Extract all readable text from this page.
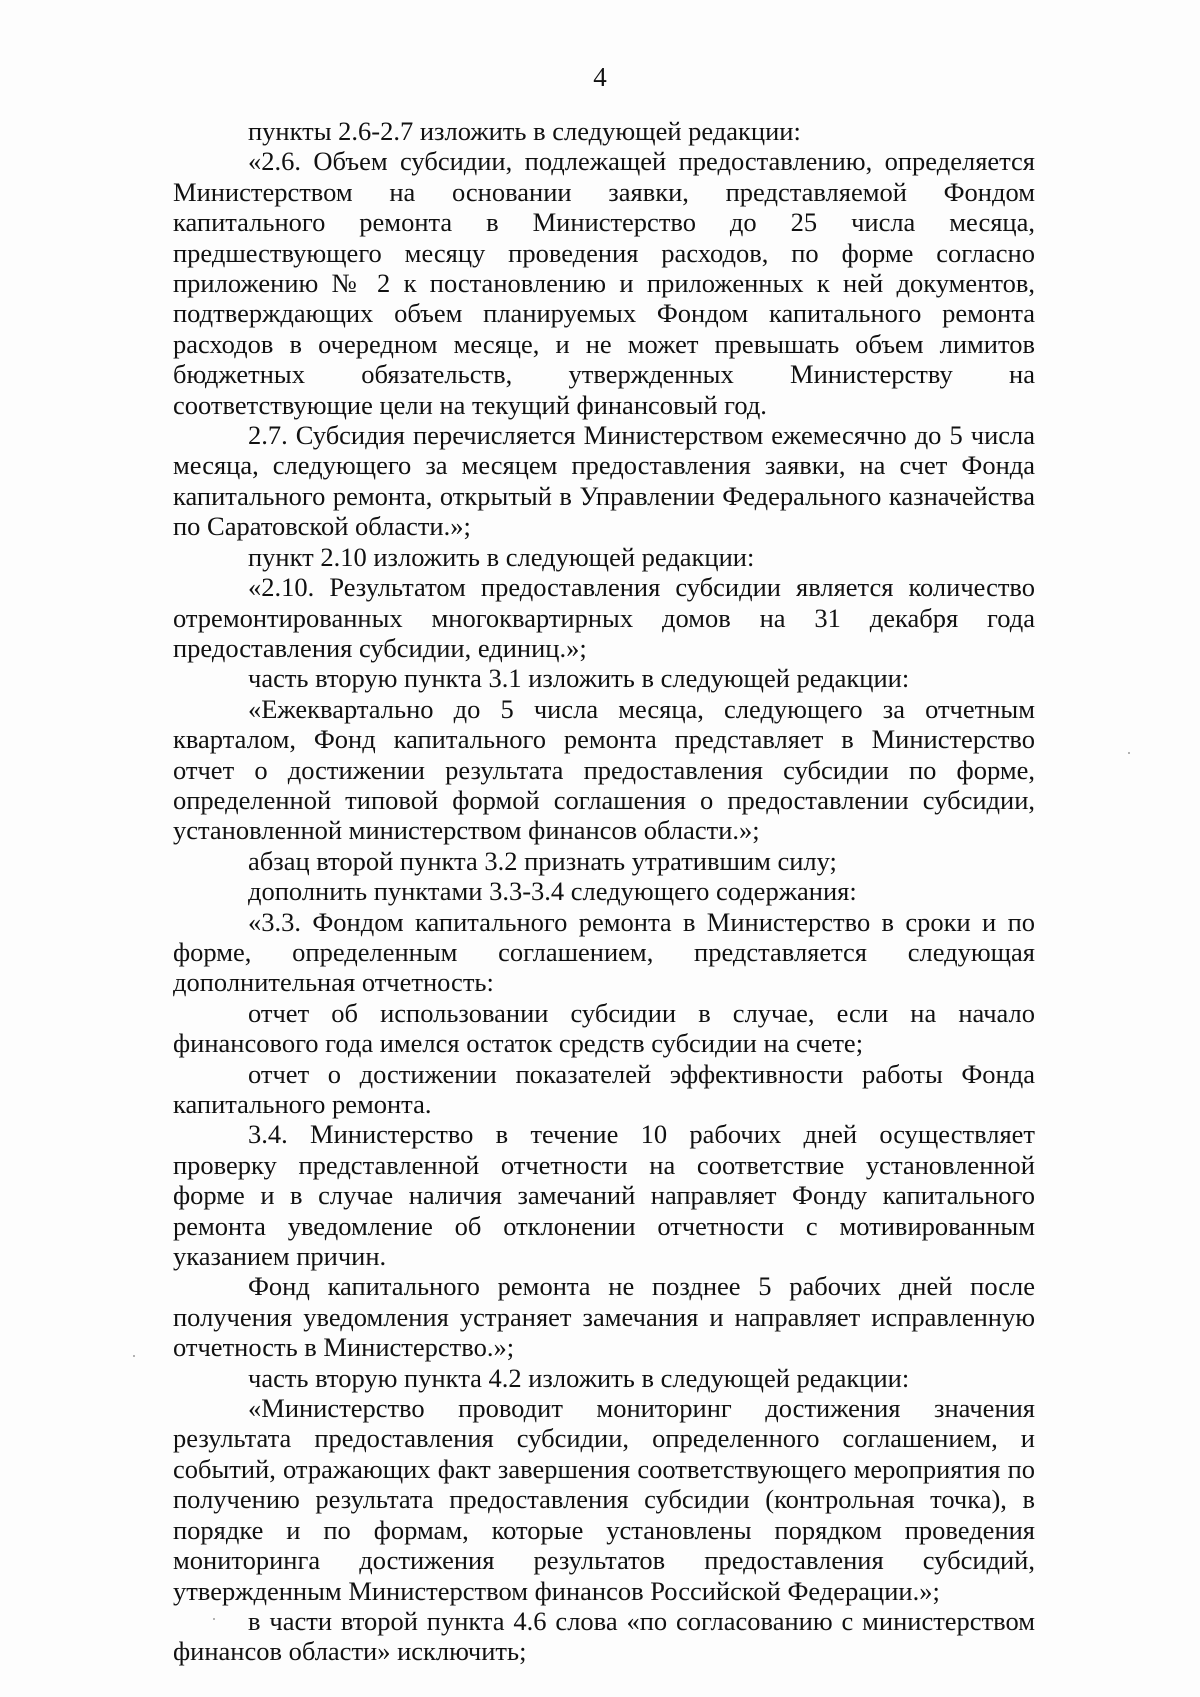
4

пункты 2.6-2.7 изложить в следующей редакции:

«2.6. Объем субсидии, подлежащей предоставлению, определяется Министерством на основании заявки, представляемой Фондом капитального ремонта в Министерство до 25 числа месяца, предшествующего месяцу проведения расходов, по форме согласно приложению № 2 к постановлению и приложенных к ней документов, подтверждающих объем планируемых Фондом капитального ремонта расходов в очередном месяце, и не может превышать объем лимитов бюджетных обязательств, утвержденных Министерству на соответствующие цели на текущий финансовый год.

2.7. Субсидия перечисляется Министерством ежемесячно до 5 числа месяца, следующего за месяцем предоставления заявки, на счет Фонда капитального ремонта, открытый в Управлении Федерального казначейства по Саратовской области.»;

пункт 2.10 изложить в следующей редакции:

«2.10. Результатом предоставления субсидии является количество отремонтированных многоквартирных домов на 31 декабря года предоставления субсидии, единиц.»;

часть вторую пункта 3.1 изложить в следующей редакции:

«Ежеквартально до 5 числа месяца, следующего за отчетным кварталом, Фонд капитального ремонта представляет в Министерство отчет о достижении результата предоставления субсидии по форме, определенной типовой формой соглашения о предоставлении субсидии, установленной министерством финансов области.»;

абзац второй пункта 3.2 признать утратившим силу;

дополнить пунктами 3.3-3.4 следующего содержания:

«3.3. Фондом капитального ремонта в Министерство в сроки и по форме, определенным соглашением, представляется следующая дополнительная отчетность:

отчет об использовании субсидии в случае, если на начало финансового года имелся остаток средств субсидии на счете;

отчет о достижении показателей эффективности работы Фонда капитального ремонта.

3.4. Министерство в течение 10 рабочих дней осуществляет проверку представленной отчетности на соответствие установленной форме и в случае наличия замечаний направляет Фонду капитального ремонта уведомление об отклонении отчетности с мотивированным указанием причин.

Фонд капитального ремонта не позднее 5 рабочих дней после получения уведомления устраняет замечания и направляет исправленную отчетность в Министерство.»;

часть вторую пункта 4.2 изложить в следующей редакции:

«Министерство проводит мониторинг достижения значения результата предоставления субсидии, определенного соглашением, и событий, отражающих факт завершения соответствующего мероприятия по получению результата предоставления субсидии (контрольная точка), в порядке и по формам, которые установлены порядком проведения мониторинга достижения результатов предоставления субсидий, утвержденным Министерством финансов Российской Федерации.»;

в части второй пункта 4.6 слова «по согласованию с министерством финансов области» исключить;
